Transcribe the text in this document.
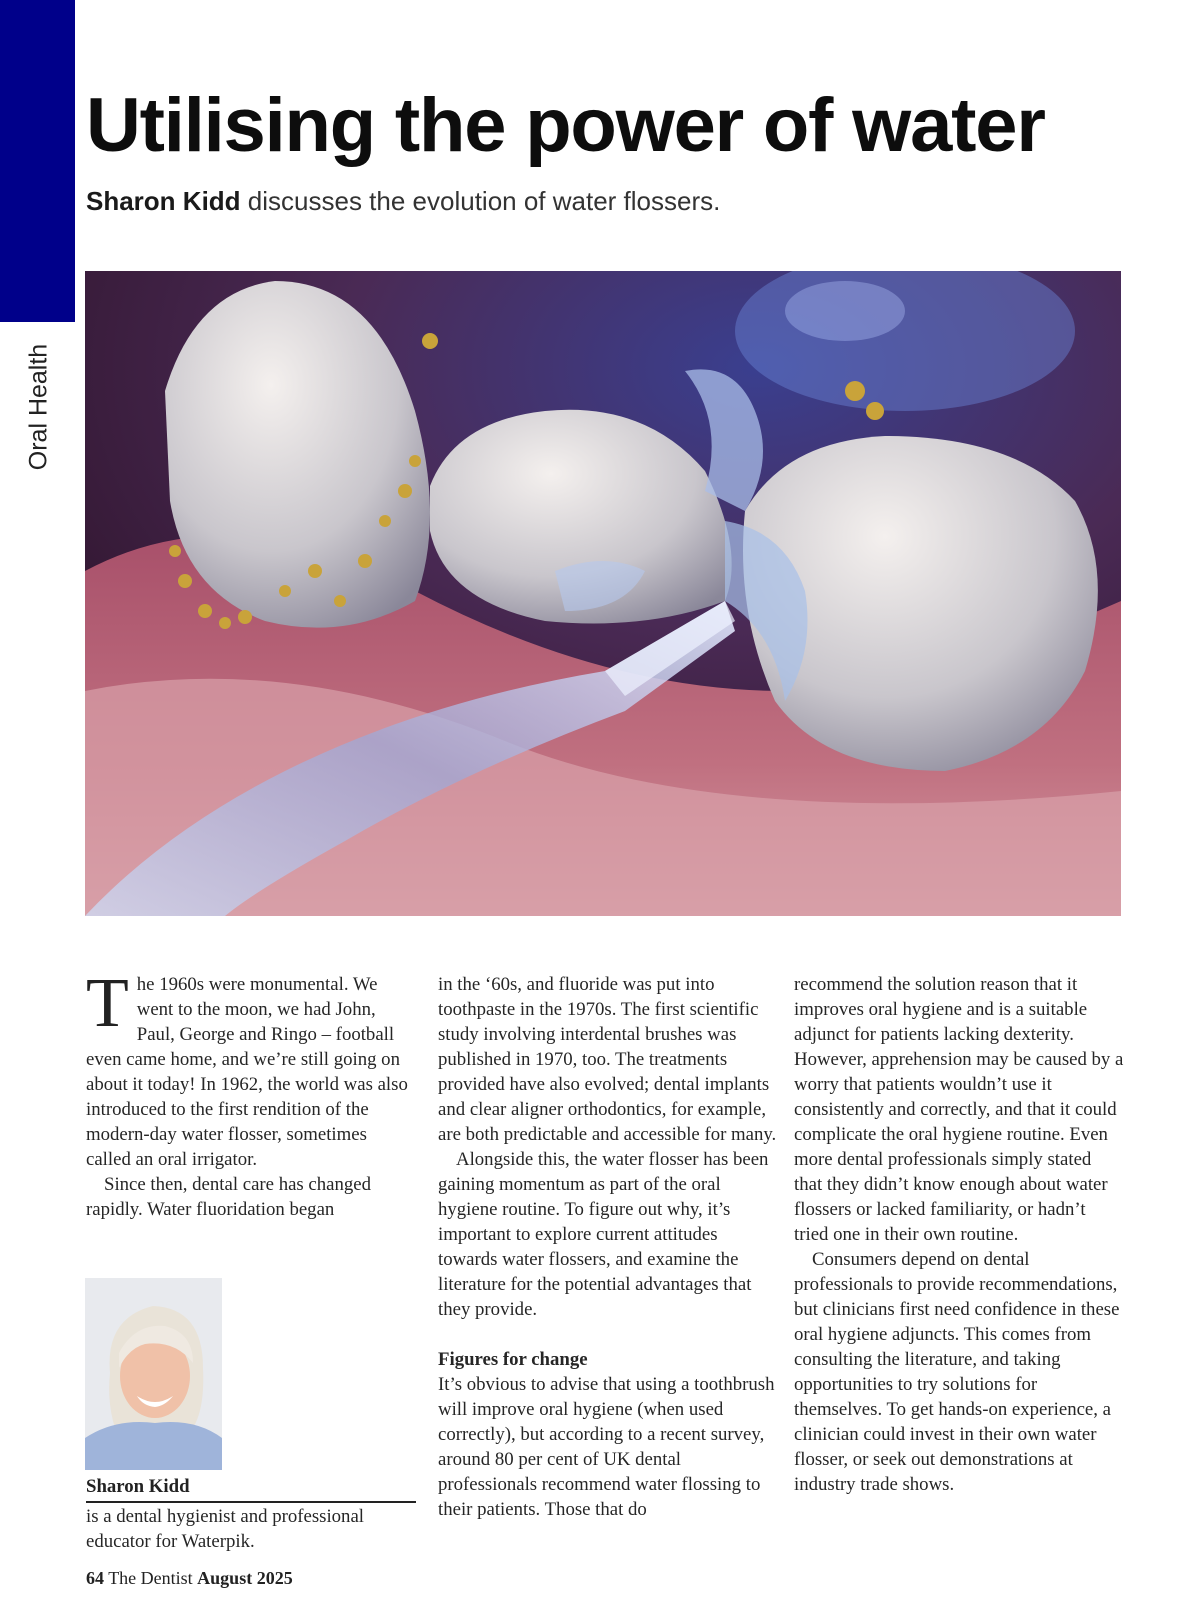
Oral Health
Utilising the power of water

Sharon Kidd discusses the evolution of water flossers.

The 1960s were monumental. We went to the moon, we had John, Paul, George and Ringo – football even came home, and we’re still going on about it today! In 1962, the world was also introduced to the first rendition of the modern-day water flosser, sometimes called an oral irrigator.

Since then, dental care has changed rapidly. Water fluoridation began

in the ‘60s, and fluoride was put into toothpaste in the 1970s. The first scientific study involving interdental brushes was published in 1970, too. The treatments provided have also evolved; dental implants and clear aligner orthodontics, for example, are both predictable and accessible for many.

Alongside this, the water flosser has been gaining momentum as part of the oral hygiene routine. To figure out why, it’s important to explore current attitudes towards water flossers, and examine the literature for the potential advantages that they provide.

Figures for change

It’s obvious to advise that using a toothbrush will improve oral hygiene (when used correctly), but according to a recent survey, around 80 per cent of UK dental professionals recommend water flossing to their patients. Those that do

recommend the solution reason that it improves oral hygiene and is a suitable adjunct for patients lacking dexterity. However, apprehension may be caused by a worry that patients wouldn’t use it consistently and correctly, and that it could complicate the oral hygiene routine. Even more dental professionals simply stated that they didn’t know enough about water flossers or lacked familiarity, or hadn’t tried one in their own routine.

Consumers depend on dental professionals to provide recommendations, but clinicians first need confidence in these oral hygiene adjuncts. This comes from consulting the literature, and taking opportunities to try solutions for themselves. To get hands-on experience, a clinician could invest in their own water flosser, or seek out demonstrations at industry trade shows.

Sharon Kidd

is a dental hygienist and professional educator for Waterpik.

64 The Dentist August 2025
